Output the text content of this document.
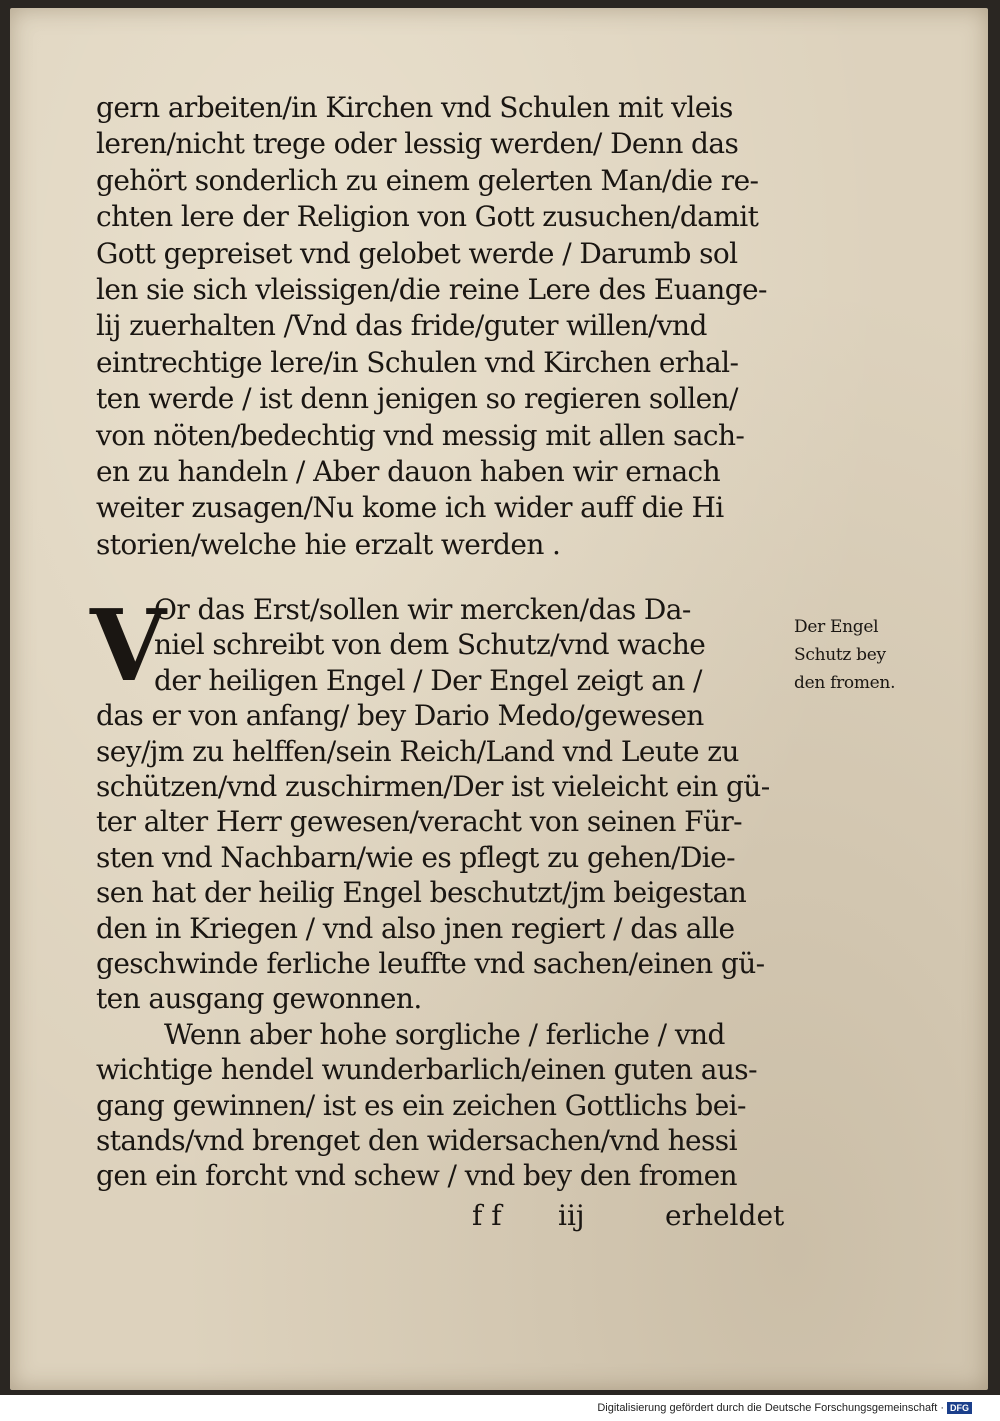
gern arbeiten/in Kirchen vnd Schulen mit vleis
leren/nicht trege oder lessig werden/ Denn das
gehört sonderlich zu einem gelerten Man/die re-
chten lere der Religion von Gott zusuchen/damit
Gott gepreiset vnd gelobet werde / Darumb sol
len sie sich vleissigen/die reine Lere des Euange-
lij zuerhalten /Vnd das fride/guter willen/vnd
eintrechtige lere/in Schulen vnd Kirchen erhal-
ten werde / ist denn jenigen so regieren sollen/
von nöten/bedechtig vnd messig mit allen sach-
en zu handeln / Aber dauon haben wir ernach
weiter zusagen/Nu kome ich wider auff die Hi
storien/welche hie erzalt werden .
Or das Erst/sollen wir mercken/das Da-
niel schreibt von dem Schutz/vnd wache
der heiligen Engel / Der Engel zeigt an /
das er von anfang/ bey Dario Medo/gewesen
sey/jm zu helffen/sein Reich/Land vnd Leute zu
schützen/vnd zuschirmen/Der ist vieleicht ein gü-
ter alter Herr gewesen/veracht von seinen Für-
sten vnd Nachbarn/wie es pflegt zu gehen/Die-
sen hat der heilig Engel beschutzt/jm beigestan
den in Kriegen / vnd also jnen regiert / das alle
geschwinde ferliche leuffte vnd sachen/einen gü-
ten ausgang gewonnen.
Wenn aber hohe sorgliche / ferliche / vnd
wichtige hendel wunderbarlich/einen guten aus-
gang gewinnen/ ist es ein zeichen Gottlichs bei-
stands/vnd brenget den widersachen/vnd hessi
gen ein forcht vnd schew / vnd bey den fromen
V	Der Engel
Schutz bey
den fromen.
f f iij	erheldet
Digitalisierung gefördert durch die Deutsche Forschungsgemeinschaft · DFG
